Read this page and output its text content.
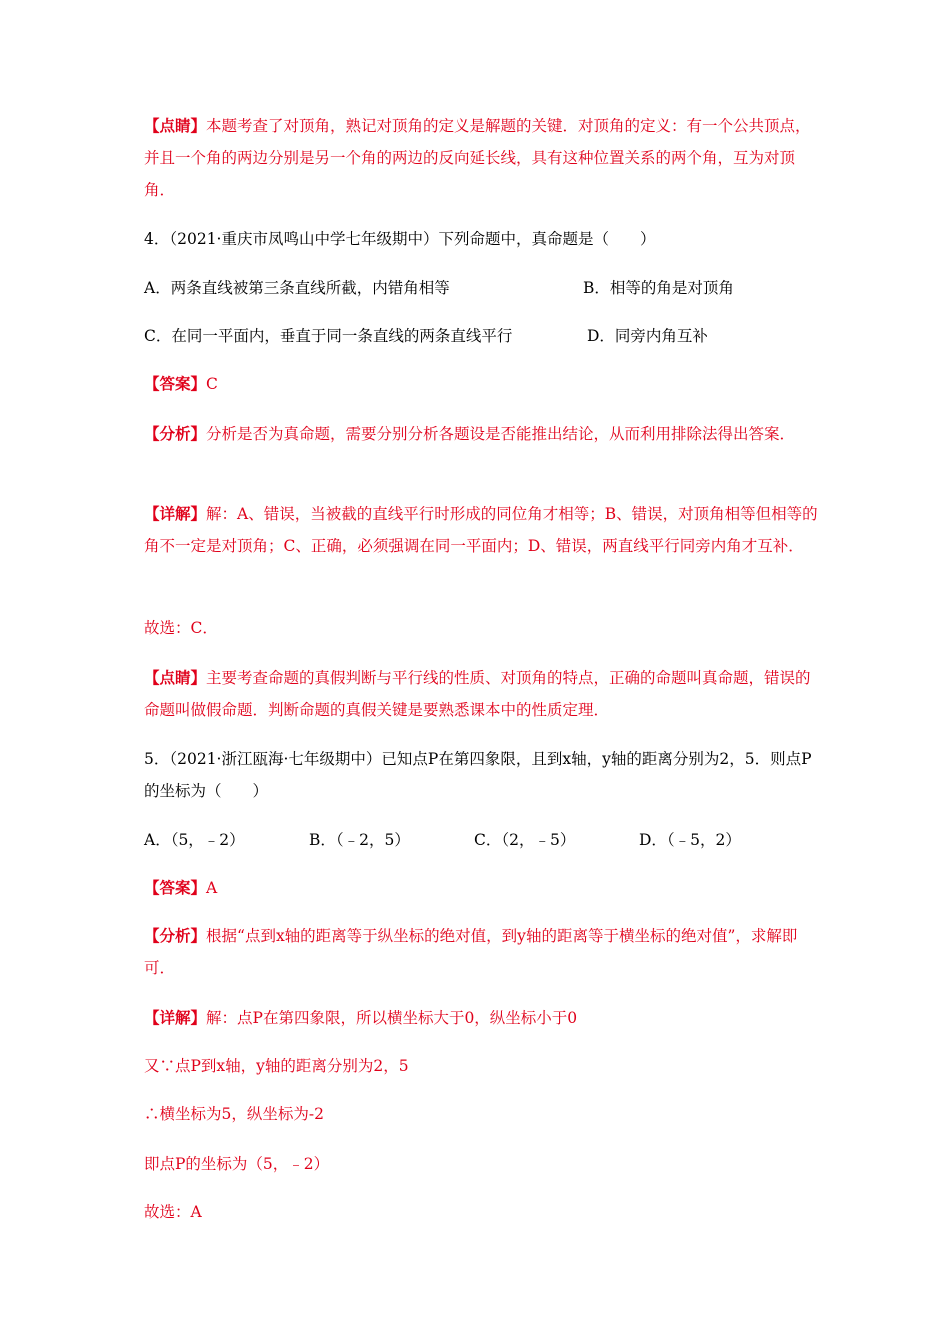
【点睛】本题考查了对顶角，熟记对顶角的定义是解题的关键．对顶角的定义：有一个公共顶点，并且一个角的两边分别是另一个角的两边的反向延长线，具有这种位置关系的两个角，互为对顶角．
4．（2021·重庆市凤鸣山中学七年级期中）下列命题中，真命题是（　　）
A．两条直线被第三条直线所截，内错角相等	B．相等的角是对顶角
C．在同一平面内，垂直于同一条直线的两条直线平行	D．同旁内角互补
【答案】C
【分析】分析是否为真命题，需要分别分析各题设是否能推出结论，从而利用排除法得出答案．
【详解】解：A、错误，当被截的直线平行时形成的同位角才相等；B、错误，对顶角相等但相等的角不一定是对顶角；C、正确，必须强调在同一平面内；D、错误，两直线平行同旁内角才互补．
故选：C．
【点睛】主要考查命题的真假判断与平行线的性质、对顶角的特点，正确的命题叫真命题，错误的命题叫做假命题．判断命题的真假关键是要熟悉课本中的性质定理．
5．（2021·浙江瓯海·七年级期中）已知点P在第四象限，且到x轴，y轴的距离分别为2，5．则点P的坐标为（　　）
A．（5，﹣2）	B．（﹣2，5）	C．（2，﹣5）	D．（﹣5，2）
【答案】A
【分析】根据“点到x轴的距离等于纵坐标的绝对值，到y轴的距离等于横坐标的绝对值”，求解即可．
【详解】解：点P在第四象限，所以横坐标大于0，纵坐标小于0
又∵点P到x轴，y轴的距离分别为2，5
∴横坐标为5，纵坐标为-2
即点P的坐标为（5，﹣2）
故选：A
